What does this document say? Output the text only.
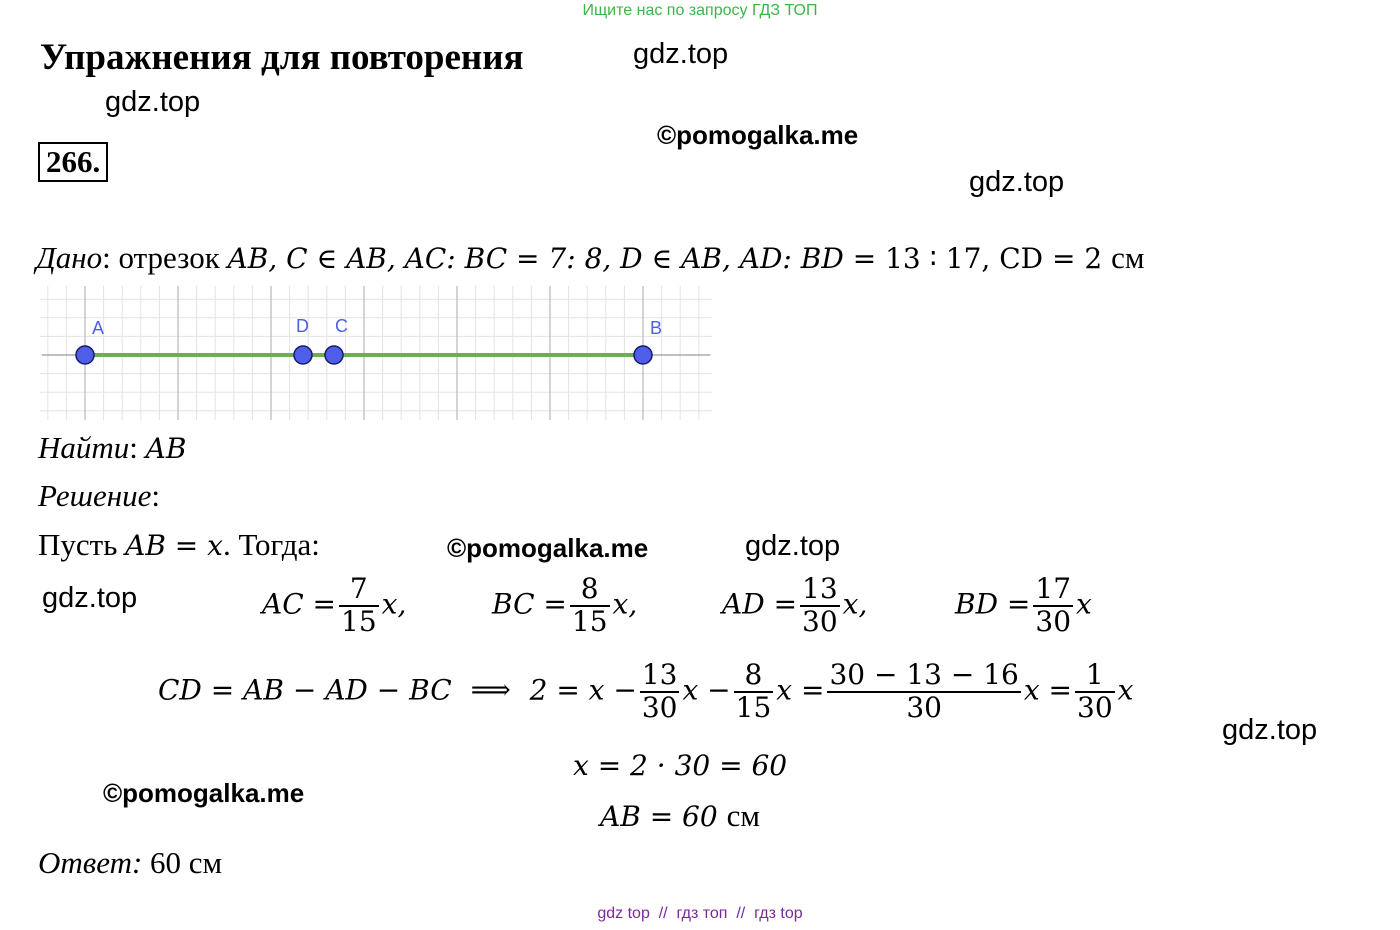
Ищите нас по запросу ГДЗ ТОП
Упражнения для повторения	gdz.top
gdz.top
©pomogalka.me
266.
gdz.top
Дано: отрезок AB, C ∈ AB, AC: BC = 7: 8, D ∈ AB, AD: BD = 13 ∶ 17, CD = 2 см
A	D C	B
Найти: AB
Решение:
Пусть AB = x. Тогда:	©pomogalka.me	gdz.top
gdz.top	AC = $\frac{7}{15} x$,	BC = $\frac{8}{15} x$,	AD = $\frac{13}{30} x$,	BD = $\frac{17}{30}$ x
CD = AB − AD − BC ⟹ $2 = x - \frac{13}{30}$ $x - \frac{8}{15}$ $x = \frac{30 - 13 - 16}{30}$ $x = \frac{1}{30}$ x
gdz.top
x = 2 · 30 = 60
©pomogalka.me
AB = 60 см
Ответ: 60 см
gdz top  //  гдз топ  //  гдз top
